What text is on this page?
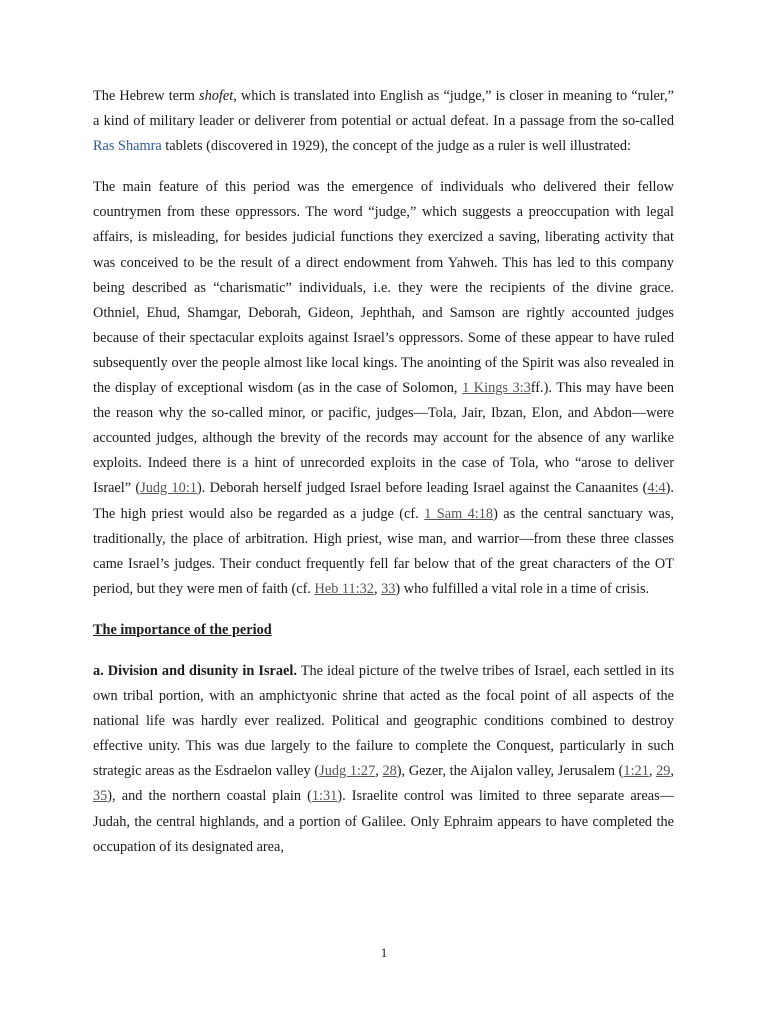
The Hebrew term shofet, which is translated into English as “judge,” is closer in meaning to “ruler,” a kind of military leader or deliverer from potential or actual defeat. In a passage from the so-called Ras Shamra tablets (discovered in 1929), the concept of the judge as a ruler is well illustrated:

The main feature of this period was the emergence of individuals who delivered their fellow countrymen from these oppressors. The word “judge,” which suggests a preoccupation with legal affairs, is misleading, for besides judicial functions they exercized a saving, liberating activity that was conceived to be the result of a direct endowment from Yahweh. This has led to this company being described as “charismatic” individuals, i.e. they were the recipients of the divine grace. Othniel, Ehud, Shamgar, Deborah, Gideon, Jephthah, and Samson are rightly accounted judges because of their spectacular exploits against Israel’s oppressors. Some of these appear to have ruled subsequently over the people almost like local kings. The anointing of the Spirit was also revealed in the display of exceptional wisdom (as in the case of Solomon, 1 Kings 3:3ff.). This may have been the reason why the so-called minor, or pacific, judges—Tola, Jair, Ibzan, Elon, and Abdon—were accounted judges, although the brevity of the records may account for the absence of any warlike exploits. Indeed there is a hint of unrecorded exploits in the case of Tola, who “arose to deliver Israel” (Judg 10:1). Deborah herself judged Israel before leading Israel against the Canaanites (4:4). The high priest would also be regarded as a judge (cf. 1 Sam 4:18) as the central sanctuary was, traditionally, the place of arbitration. High priest, wise man, and warrior—from these three classes came Israel’s judges. Their conduct frequently fell far below that of the great characters of the OT period, but they were men of faith (cf. Heb 11:32, 33) who fulfilled a vital role in a time of crisis.

The importance of the period

a. Division and disunity in Israel. The ideal picture of the twelve tribes of Israel, each settled in its own tribal portion, with an amphictyonic shrine that acted as the focal point of all aspects of the national life was hardly ever realized. Political and geographic conditions combined to destroy effective unity. This was due largely to the failure to complete the Conquest, particularly in such strategic areas as the Esdraelon valley (Judg 1:27, 28), Gezer, the Aijalon valley, Jerusalem (1:21, 29, 35), and the northern coastal plain (1:31). Israelite control was limited to three separate areas—Judah, the central highlands, and a portion of Galilee. Only Ephraim appears to have completed the occupation of its designated area,

1
